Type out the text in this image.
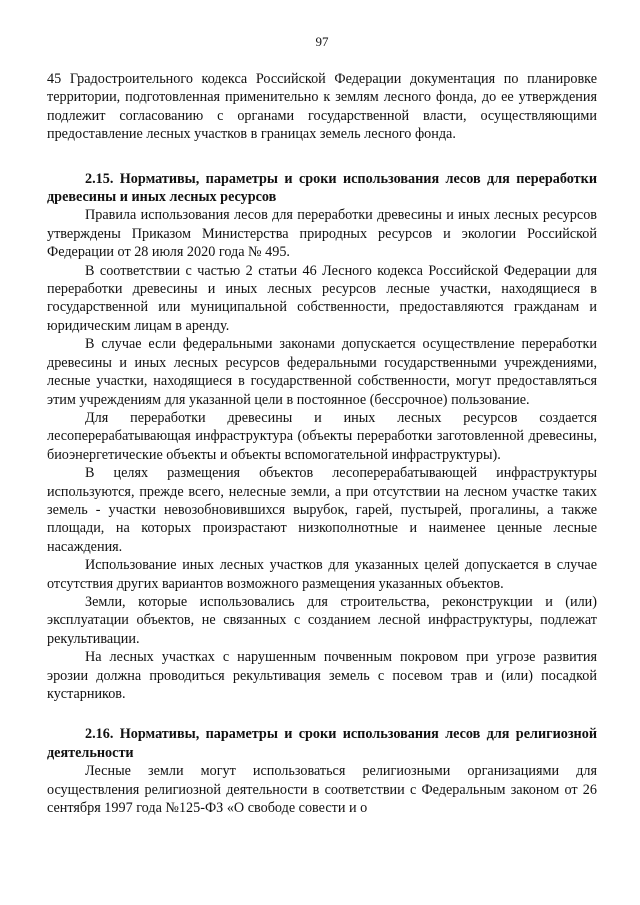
97

45 Градостроительного кодекса Российской Федерации документация по планировке территории, подготовленная применительно к землям лесного фонда, до ее утверждения подлежит согласованию с органами государственной власти, осуществляющими предоставление лесных участков в границах земель лесного фонда.

2.15. Нормативы, параметры и сроки использования лесов для переработки древесины и иных лесных ресурсов

Правила использования лесов для переработки древесины и иных лесных ресурсов утверждены Приказом Министерства природных ресурсов и экологии Российской Федерации от 28 июля 2020 года № 495.

В соответствии с частью 2 статьи 46 Лесного кодекса Российской Федерации для переработки древесины и иных лесных ресурсов лесные участки, находящиеся в государственной или муниципальной собственности, предоставляются гражданам и юридическим лицам в аренду.

В случае если федеральными законами допускается осуществление переработки древесины и иных лесных ресурсов федеральными государственными учреждениями, лесные участки, находящиеся в государственной собственности, могут предоставляться этим учреждениям для указанной цели в постоянное (бессрочное) пользование.

Для переработки древесины и иных лесных ресурсов создается лесоперерабатывающая инфраструктура (объекты переработки заготовленной древесины, биоэнергетические объекты и объекты вспомогательной инфраструктуры).

В целях размещения объектов лесоперерабатывающей инфраструктуры используются, прежде всего, нелесные земли, а при отсутствии на лесном участке таких земель - участки невозобновившихся вырубок, гарей, пустырей, прогалины, а также площади, на которых произрастают низкополнотные и наименее ценные лесные насаждения.

Использование иных лесных участков для указанных целей допускается в случае отсутствия других вариантов возможного размещения указанных объектов.

Земли, которые использовались для строительства, реконструкции и (или) эксплуатации объектов, не связанных с созданием лесной инфраструктуры, подлежат рекультивации.

На лесных участках с нарушенным почвенным покровом при угрозе развития эрозии должна проводиться рекультивация земель с посевом трав и (или) посадкой кустарников.

2.16. Нормативы, параметры и сроки использования лесов для религиозной деятельности

Лесные земли могут использоваться религиозными организациями для осуществления религиозной деятельности в соответствии с Федеральным законом от 26 сентября 1997 года №125-ФЗ «О свободе совести и о
